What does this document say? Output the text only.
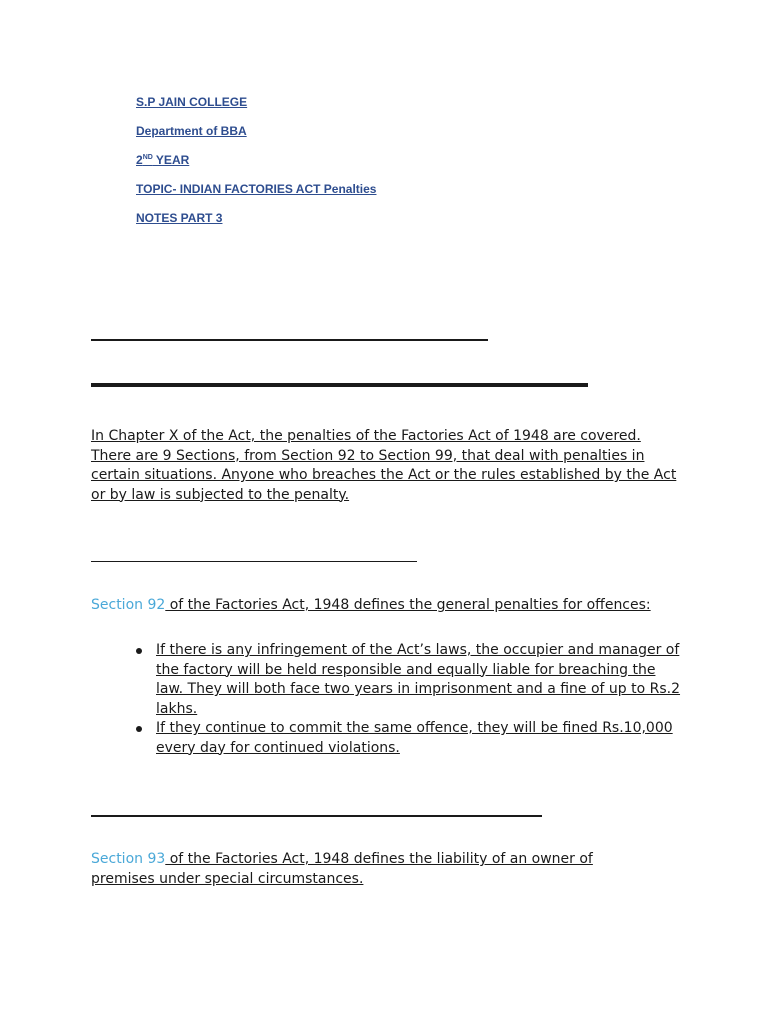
S.P JAIN COLLEGE
Department of BBA
2ND YEAR
TOPIC- INDIAN FACTORIES ACT Penalties
NOTES PART 3

In Chapter X of the Act, the penalties of the Factories Act of 1948 are covered. There are 9 Sections, from Section 92 to Section 99, that deal with penalties in certain situations. Anyone who breaches the Act or the rules established by the Act or by law is subjected to the penalty.

Section 92 of the Factories Act, 1948 defines the general penalties for offences:

If there is any infringement of the Act’s laws, the occupier and manager of the factory will be held responsible and equally liable for breaching the law. They will both face two years in imprisonment and a fine of up to Rs.2 lakhs.
If they continue to commit the same offence, they will be fined Rs.10,000 every day for continued violations.

Section 93 of the Factories Act, 1948 defines the liability of an owner of premises under special circumstances.
